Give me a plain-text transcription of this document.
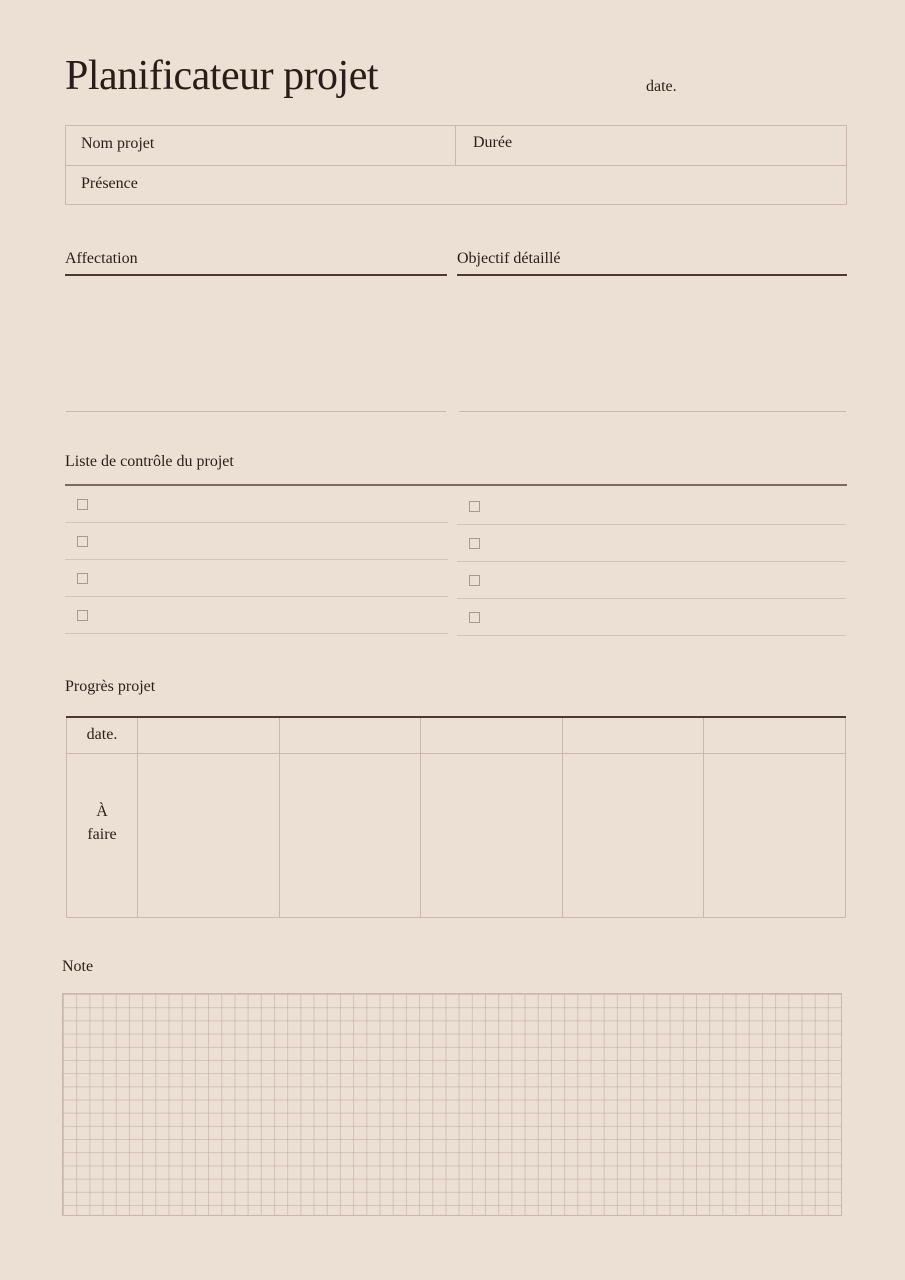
Planificateur projet	date.
Nom projet	Durée
Présence
Affectation	Objectif détaillé
Liste de contrôle du projet
Progrès projet
date.					
À
faire					
Note
